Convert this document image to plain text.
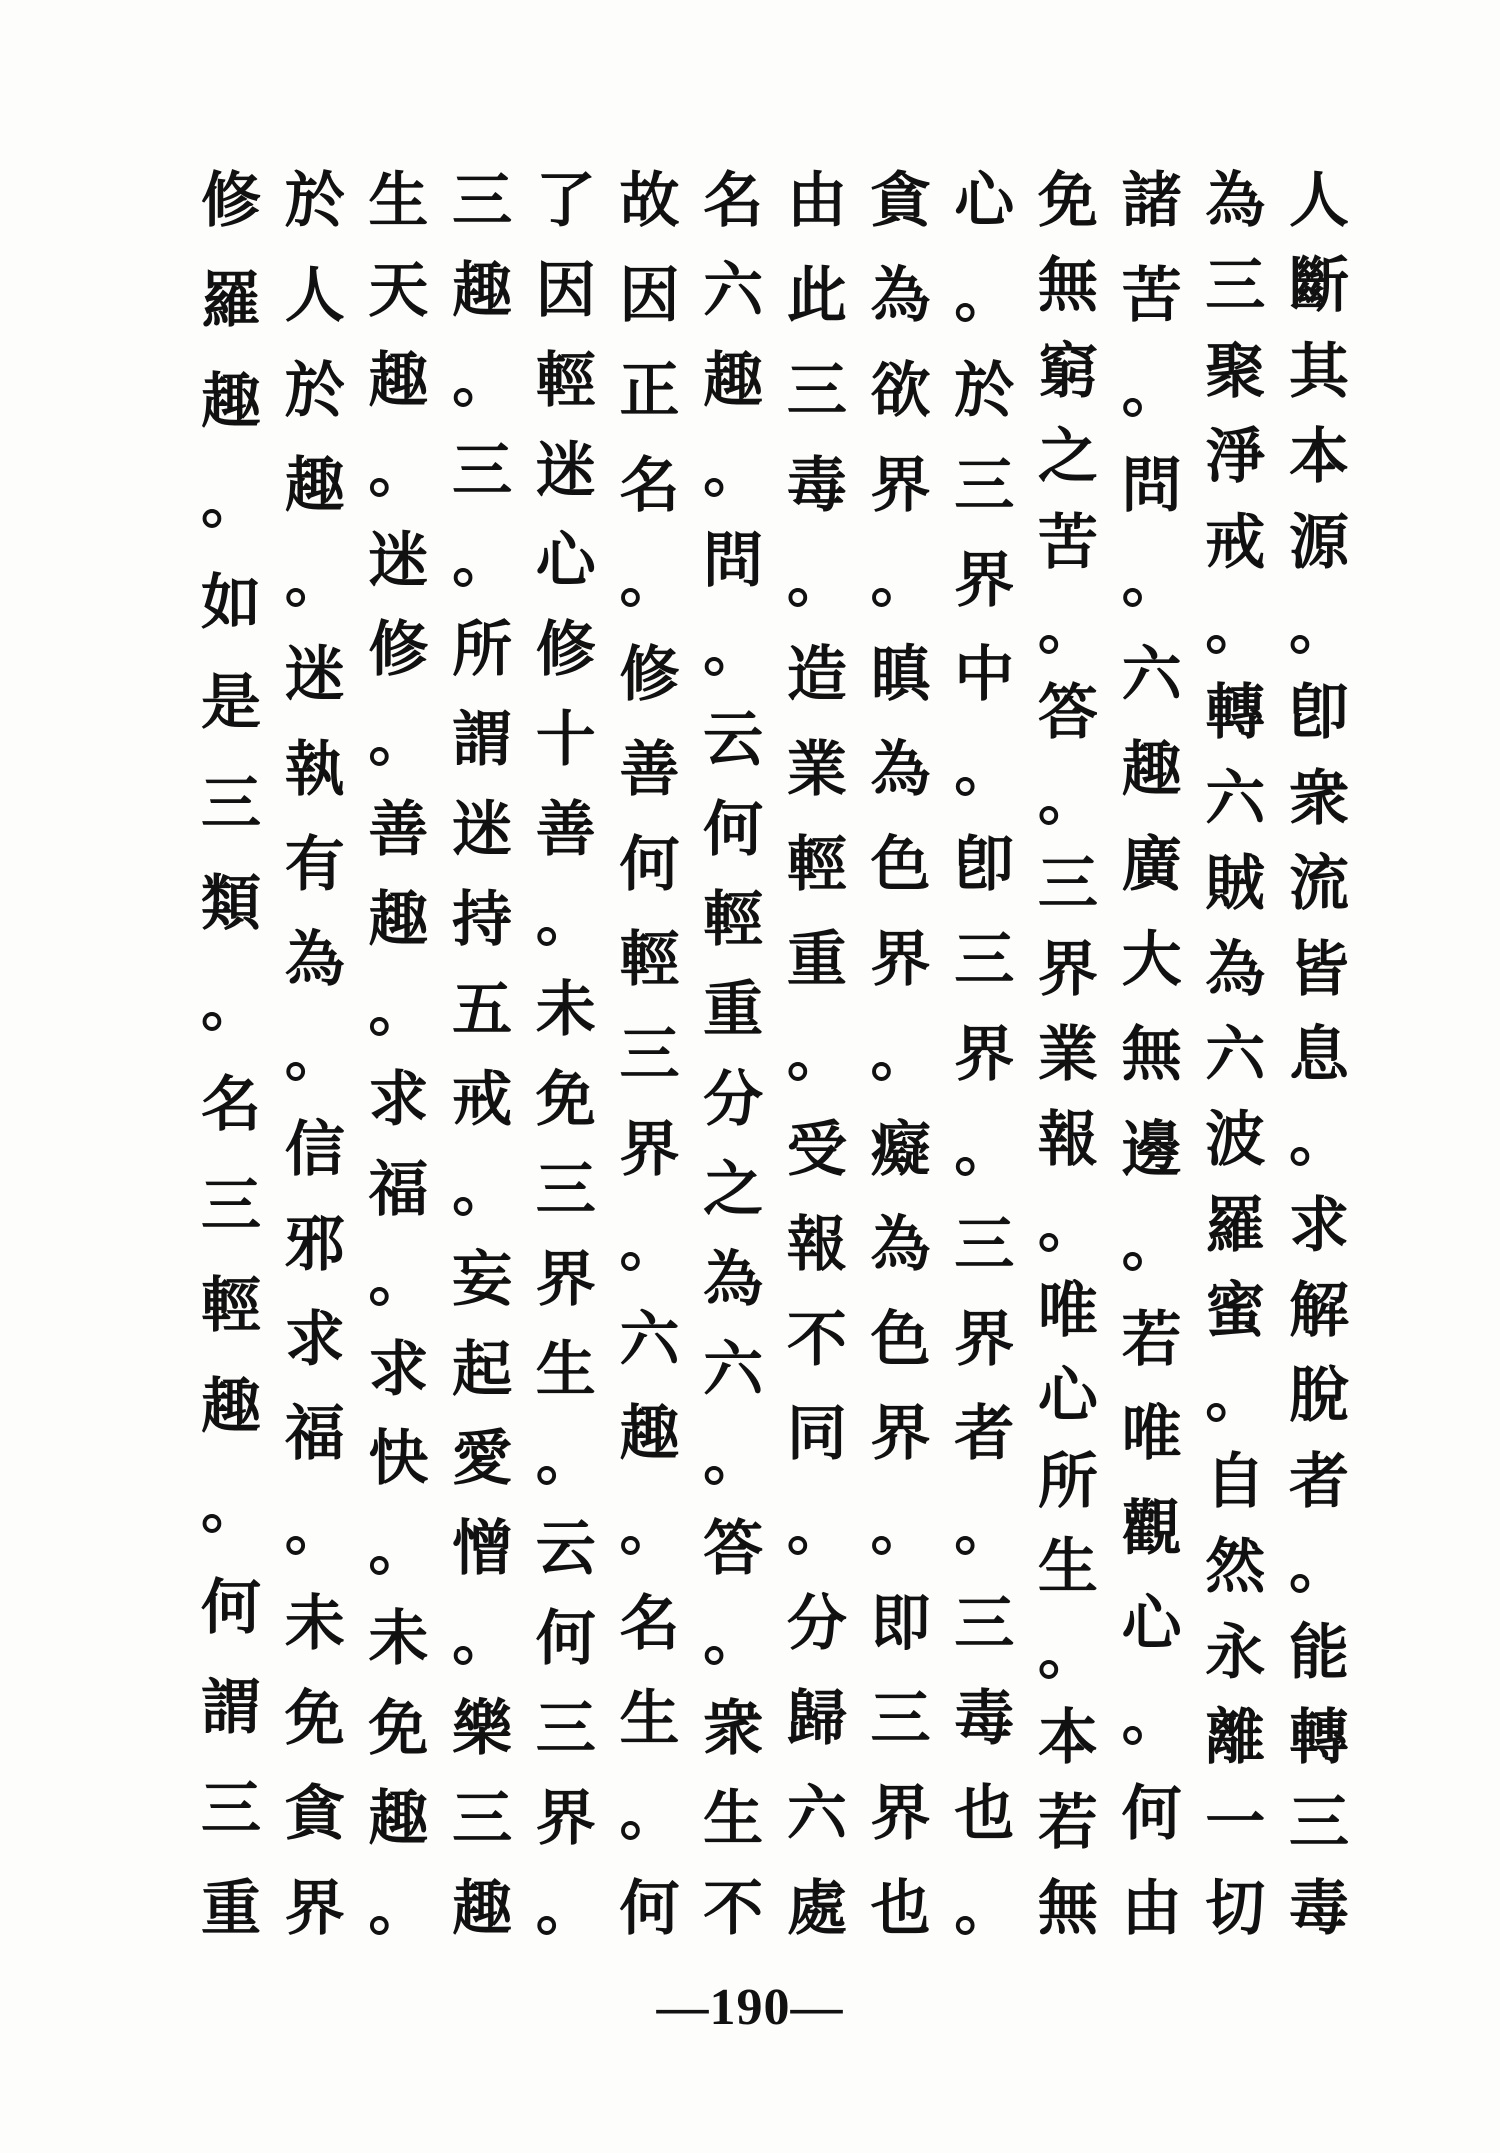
人
斷
其
本
源
。
卽
衆
流
皆
息
。
求
解
脫
者
。
能
轉
三
毒
為
三
聚
淨
戒
。
轉
六
賊
為
六
波
羅
蜜
。
自
然
永
離
一
切
諸
苦
。
問
。
六
趣
廣
大
無
邊
。
若
唯
觀
心
。
何
由
免
無
窮
之
苦
。
答
。
三
界
業
報
。
唯
心
所
生
。
本
若
無
心
。
於
三
界
中
。
卽
三
界
。
三
界
者
。
三
毒
也
。
貪
為
欲
界
。
瞋
為
色
界
。
癡
為
色
界
。
即
三
界
也
由
此
三
毒
。
造
業
輕
重
。
受
報
不
同
。
分
歸
六
處
名
六
趣
。
問
。
云
何
輕
重
分
之
為
六
。
答
。
衆
生
不
故
因
正
名
。
修
善
何
輕
三
界
。
六
趣
。
名
生
。
何
了
因
輕
迷
心
修
十
善
。
未
免
三
界
生
。
云
何
三
界
。
三
趣
。
三
。
所
謂
迷
持
五
戒
。
妄
起
愛
憎
。
樂
三
趣
生
天
趣
。
迷
修
。
善
趣
。
求
福
。
求
快
。
未
免
趣
。
於
人
於
趣
。
迷
執
有
為
。
信
邪
求
福
。
未
免
貪
界
修
羅
趣
。
如
是
三
類
。
名
三
輕
趣
。
何
謂
三
重
—190—
